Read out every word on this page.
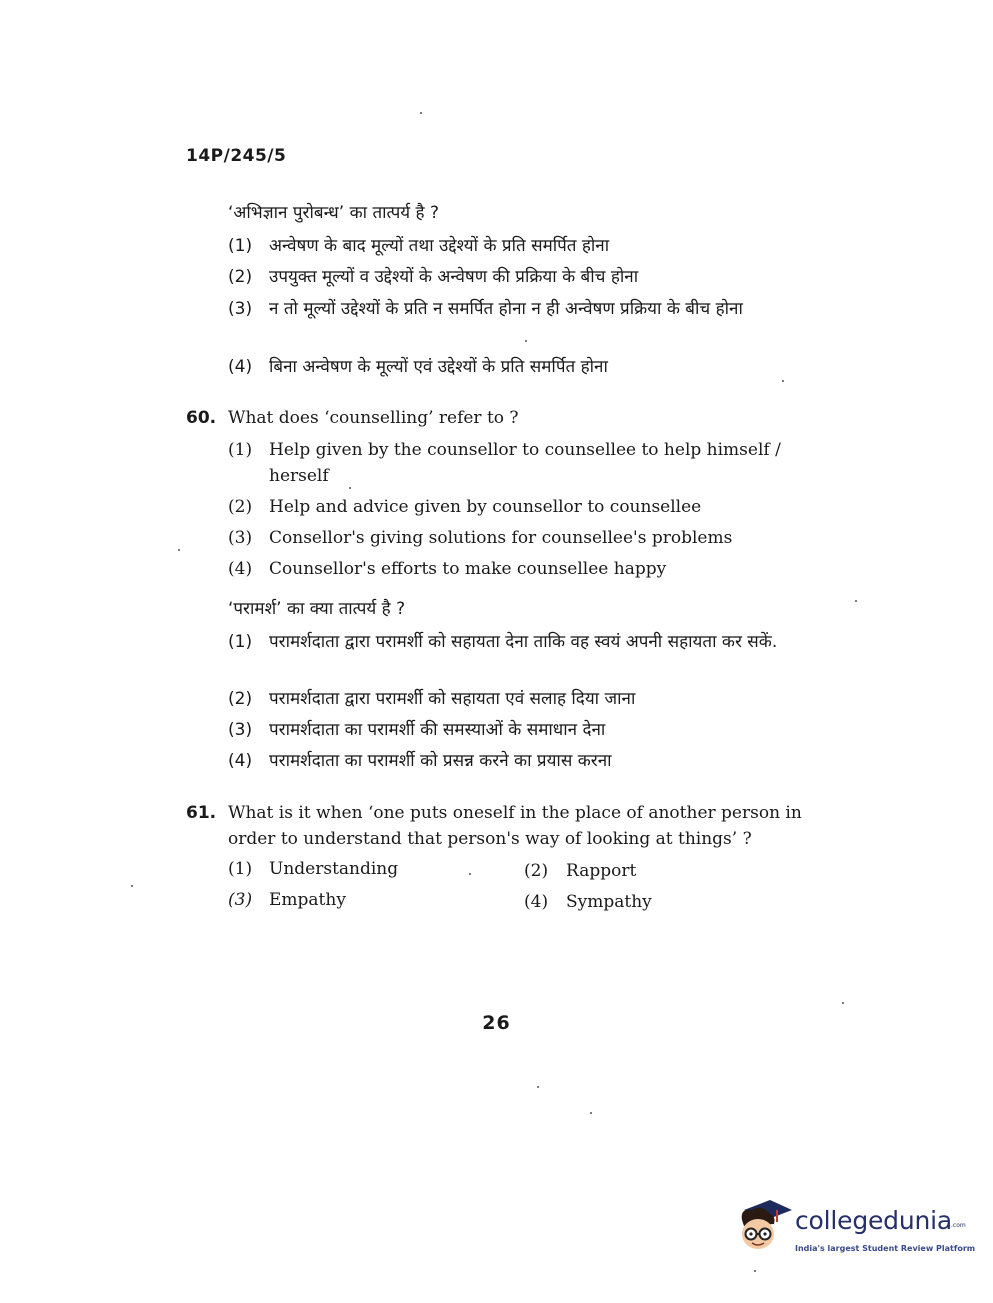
14P/245/5
‘अभिज्ञान पुरोबन्ध’ का तात्पर्य है ?
(1) अन्वेषण के बाद मूल्यों तथा उद्देश्यों के प्रति समर्पित होना
(2) उपयुक्त मूल्यों व उद्देश्यों के अन्वेषण की प्रक्रिया के बीच होना
(3) न तो मूल्यों उद्देश्यों के प्रति न समर्पित होना न ही अन्वेषण प्रक्रिया के बीच होना
(4) बिना अन्वेषण के मूल्यों एवं उद्देश्यों के प्रति समर्पित होना
60. What does ‘counselling’ refer to ?
(1) Help given by the counsellor to counsellee to help himself / herself
(2) Help and advice given by counsellor to counsellee
(3) Consellor's giving solutions for counsellee's problems
(4) Counsellor's efforts to make counsellee happy
‘परामर्श’ का क्या तात्पर्य है ?
(1) परामर्शदाता द्वारा परामर्शी को सहायता देना ताकि वह स्वयं अपनी सहायता कर सकें.
(2) परामर्शदाता द्वारा परामर्शी को सहायता एवं सलाह दिया जाना
(3) परामर्शदाता का परामर्शी की समस्याओं के समाधान देना
(4) परामर्शदाता का परामर्शी को प्रसन्न करने का प्रयास करना
61. What is it when ‘one puts oneself in the place of another person in order to understand that person's way of looking at things’ ?
(1) Understanding	(2) Rapport
(3) Empathy	(4) Sympathy
26
collegedunia .com
India's largest Student Review Platform
